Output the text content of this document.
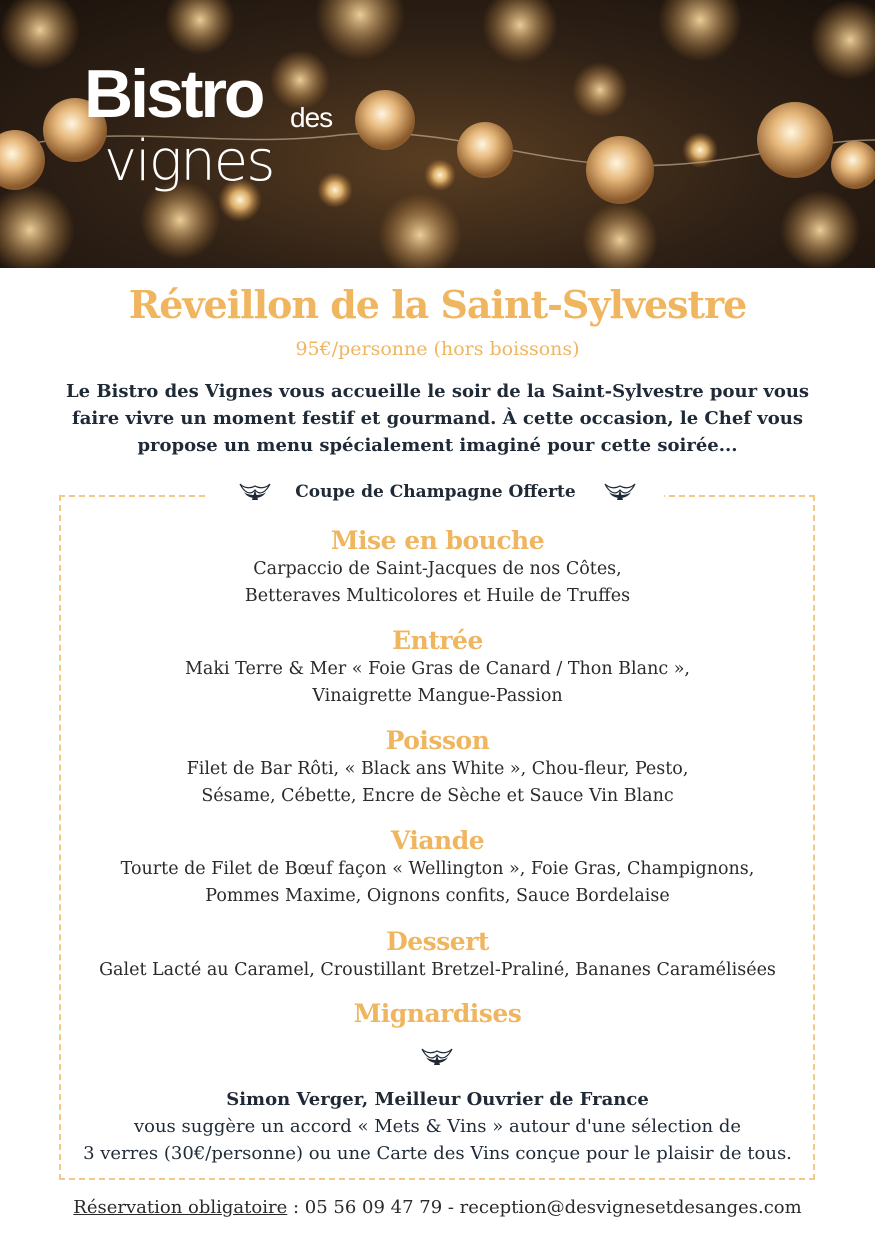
Bistro des
vignes
Réveillon de la Saint-Sylvestre
95€/personne (hors boissons)
Le Bistro des Vignes vous accueille le soir de la Saint-Sylvestre pour vous faire vivre un moment festif et gourmand. À cette occasion, le Chef vous propose un menu spécialement imaginé pour cette soirée...
Coupe de Champagne Offerte
Mise en bouche

Carpaccio de Saint-Jacques de nos Côtes,

Betteraves Multicolores et Huile de Truffes

Entrée

Maki Terre & Mer « Foie Gras de Canard / Thon Blanc »,

Vinaigrette Mangue-Passion

Poisson

Filet de Bar Rôti, « Black ans White », Chou-fleur, Pesto,

Sésame, Cébette, Encre de Sèche et Sauce Vin Blanc

Viande

Tourte de Filet de Bœuf façon « Wellington », Foie Gras, Champignons,

Pommes Maxime, Oignons confits, Sauce Bordelaise

Dessert

Galet Lacté au Caramel, Croustillant Bretzel-Praliné, Bananes Caramélisées

Mignardises
Simon Verger, Meilleur Ouvrier de France
vous suggère un accord « Mets & Vins » autour d'une sélection de
3 verres (30€/personne) ou une Carte des Vins conçue pour le plaisir de tous.
Réservation obligatoire : 05 56 09 47 79 - reception@desvignesetdesanges.com
